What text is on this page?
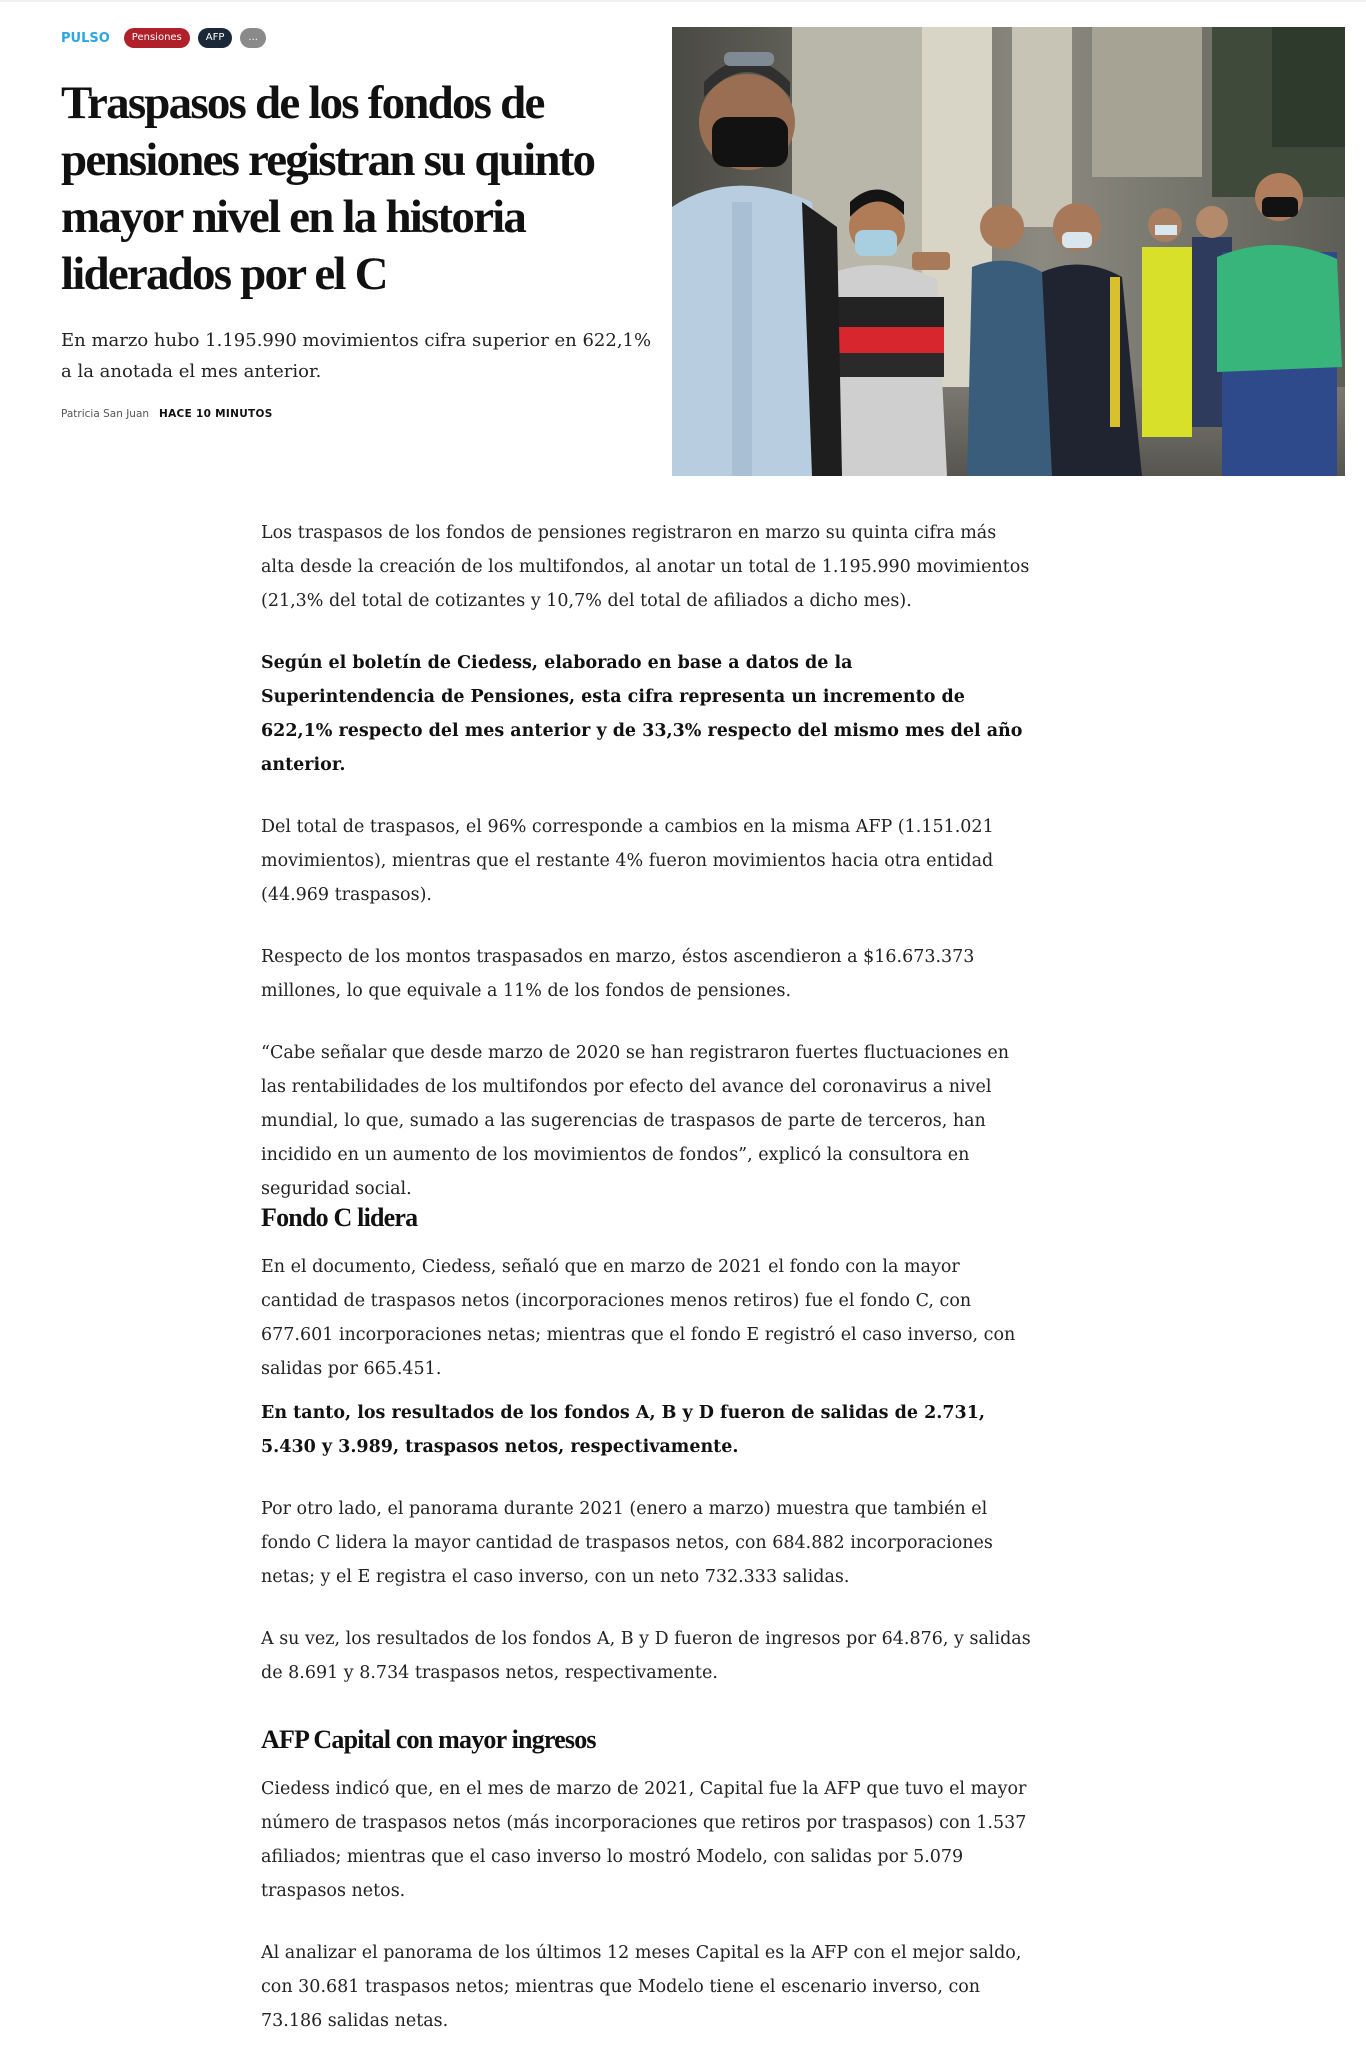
PULSO	Pensiones	AFP	...
Traspasos de los fondos de pensiones registran su quinto mayor nivel en la historia liderados por el C

En marzo hubo 1.195.990 movimientos cifra superior en 622,1% a la anotada el mes anterior.

Patricia San Juan HACE 10 MINUTOS

Los traspasos de los fondos de pensiones registraron en marzo su quinta cifra más alta desde la creación de los multifondos, al anotar un total de 1.195.990 movimientos (21,3% del total de cotizantes y 10,7% del total de afiliados a dicho mes).

Según el boletín de Ciedess, elaborado en base a datos de la Superintendencia de Pensiones, esta cifra representa un incremento de 622,1% respecto del mes anterior y de 33,3% respecto del mismo mes del año anterior.

Del total de traspasos, el 96% corresponde a cambios en la misma AFP (1.151.021 movimientos), mientras que el restante 4% fueron movimientos hacia otra entidad (44.969 traspasos).

Respecto de los montos traspasados en marzo, éstos ascendieron a $16.673.373 millones, lo que equivale a 11% de los fondos de pensiones.

“Cabe señalar que desde marzo de 2020 se han registraron fuertes fluctuaciones en las rentabilidades de los multifondos por efecto del avance del coronavirus a nivel mundial, lo que, sumado a las sugerencias de traspasos de parte de terceros, han incidido en un aumento de los movimientos de fondos”, explicó la consultora en seguridad social.

Fondo C lidera

En el documento, Ciedess, señaló que en marzo de 2021 el fondo con la mayor cantidad de traspasos netos (incorporaciones menos retiros) fue el fondo C, con 677.601 incorporaciones netas; mientras que el fondo E registró el caso inverso, con salidas por 665.451.

En tanto, los resultados de los fondos A, B y D fueron de salidas de 2.731, 5.430 y 3.989, traspasos netos, respectivamente.

Por otro lado, el panorama durante 2021 (enero a marzo) muestra que también el fondo C lidera la mayor cantidad de traspasos netos, con 684.882 incorporaciones netas; y el E registra el caso inverso, con un neto 732.333 salidas.

A su vez, los resultados de los fondos A, B y D fueron de ingresos por 64.876, y salidas de 8.691 y 8.734 traspasos netos, respectivamente.

AFP Capital con mayor ingresos

Ciedess indicó que, en el mes de marzo de 2021, Capital fue la AFP que tuvo el mayor número de traspasos netos (más incorporaciones que retiros por traspasos) con 1.537 afiliados; mientras que el caso inverso lo mostró Modelo, con salidas por 5.079 traspasos netos.

Al analizar el panorama de los últimos 12 meses Capital es la AFP con el mejor saldo, con 30.681 traspasos netos; mientras que Modelo tiene el escenario inverso, con 73.186 salidas netas.
